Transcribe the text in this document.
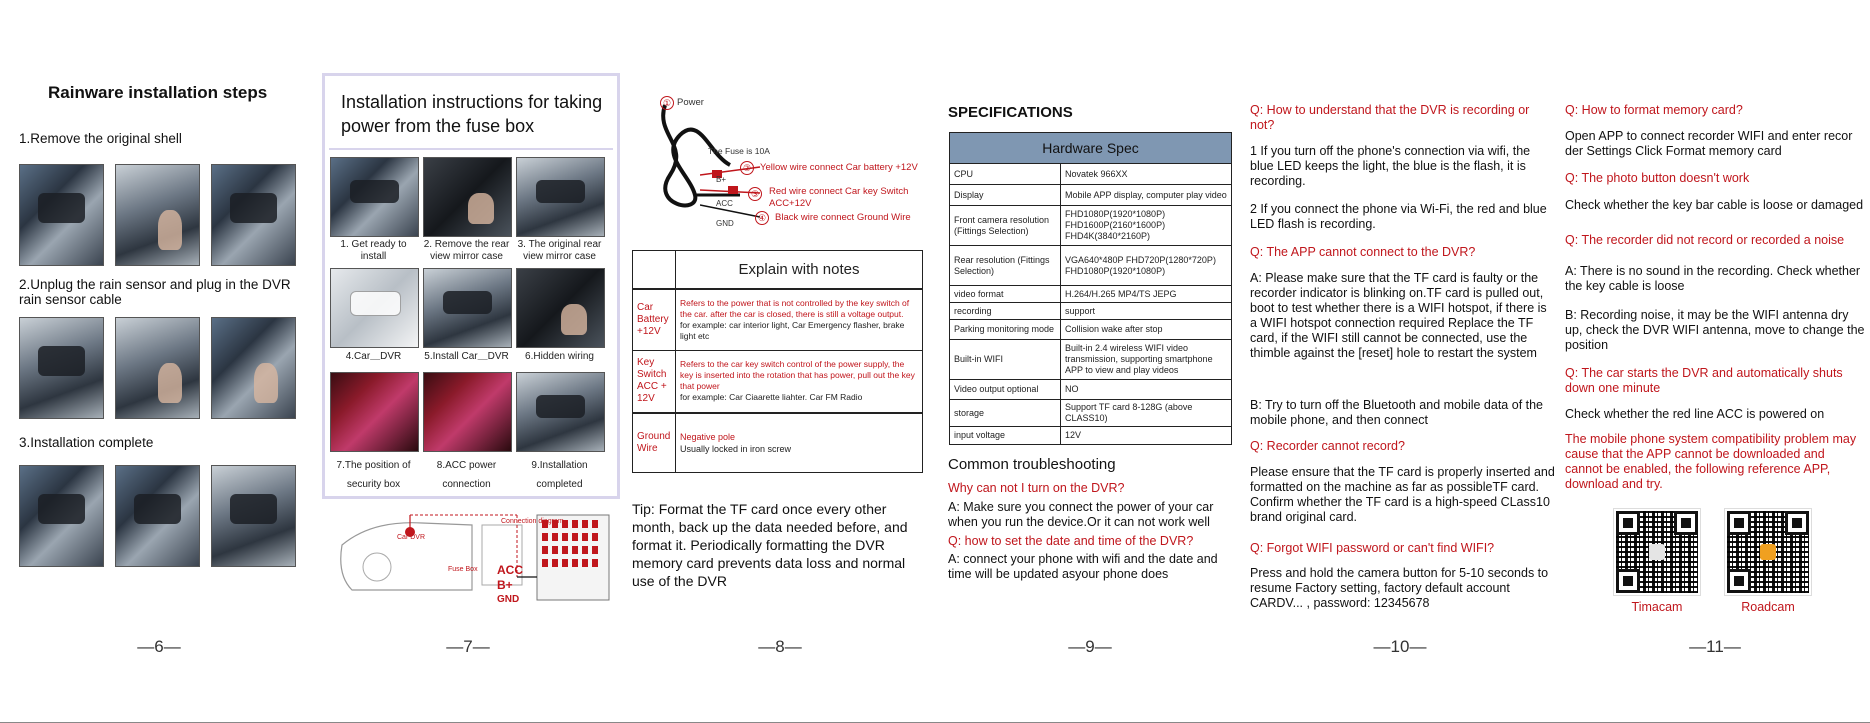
Rainware installation steps
1.Remove the original shell
2.Unplug the rain sensor and plug in the DVR rain sensor cable
3.Installation complete
—6—
Installation instructions for taking power from the fuse box
1. Get ready to install
2. Remove the rear view mirror case
3. The original rear view mirror case
4.Car＿DVR	5.Install Car＿DVR	6.Hidden wiring
7.The position of security box
8.ACC power connection
9.Installation completed
Car DVR
Connection diagram
Fuse Box ACC
B+
GND
—7—
① Power
The Fuse is 10A
B+
ACC
GND
② Yellow wire connect Car battery +12V
③	Red wire connect Car key Switch
ACC+12V
④ Black wire connect Ground Wire
	Explain with notes
Car Battery +12V	Refers to the power that is not controlled by the key switch of the car. after the car is closed, there is still a voltage output.
for example: car interior light, Car Emergency flasher, brake light etc

Key Switch ACC + 12V	Refers to the car key switch control of the power supply, the key is inserted into the rotation that has power, pull out the key that power
for example: Car Ciaarette liahter. Car FM Radio

Ground Wire	Negative pole
Usually locked in iron screw
Tip: Format the TF card once every other month, back up the data needed before, and format it. Periodically formatting the DVR memory card prevents data loss and normal use of the DVR
—8—
SPECIFICATIONS
Hardware Spec	
CPU	Novatek 966XX
Display	Mobile APP display, computer play video
Front camera resolution (Fittings Selection)	FHD1080P(1920*1080P) FHD1600P(2160*1600P) FHD4K(3840*2160P)
Rear resolution (Fittings Selection)	VGA640*480P FHD720P(1280*720P) FHD1080P(1920*1080P)
video format	H.264/H.265 MP4/TS JEPG
recording	support
Parking monitoring mode	Collision wake after stop
Built-in WIFI	Built-in 2.4 wireless WIFI video transmission, supporting smartphone APP to view and play videos
Video output optional	NO
storage	Support TF card 8-128G (above CLASS10)
input voltage	12V
Common troubleshooting
Why can not I turn on the DVR?
A: Make sure you connect the power of your car when you run the device.Or it can not work well
Q: how to set the date and time of the DVR?
A: connect your phone with wifi and the date and time will be updated asyour phone does
—9—
Q: How to understand that the DVR is recording or not?
1 If you turn off the phone's connection via wifi, the blue LED keeps the light, the blue is the flash, it is recording.
2 If you connect the phone via Wi-Fi, the red and blue LED flash is recording.
Q: The APP cannot connect to the DVR?
A: Please make sure that the TF card is faulty or the recorder indicator is blinking on.TF card is pulled out, boot to test whether there is a WIFI hotspot, if there is a WIFI hotspot connection required Replace the TF card, if the WIFI still cannot be connected, use the thimble against the [reset] hole to restart the system
B: Try to turn off the Bluetooth and mobile data of the mobile phone, and then connect
Q: Recorder cannot record?
Please ensure that the TF card is properly inserted and formatted on the machine as far as possibleTF card. Confirm whether the TF card is a high-speed CLass10 brand original card.
Q: Forgot WIFI password or can't find WIFI?
Press and hold the camera button for 5-10 seconds to resume Factory setting, factory default account CARDV... , password: 12345678
—10—
Q: How to format memory card?
Open APP to connect recorder WIFI and enter recor der Settings Click Format memory card
Q: The photo button doesn't work
Check whether the key bar cable is loose or damaged
Q: The recorder did not record or recorded a noise
A: There is no sound in the recording. Check whether the key cable is loose
B: Recording noise, it may be the WIFI antenna dry up, check the DVR WIFI antenna, move to change the position
Q: The car starts the DVR and automatically shuts down one minute
Check whether the red line ACC is powered on
The mobile phone system compatibility problem may cause that the APP cannot be downloaded and cannot be enabled, the following reference APP, download and try.
Timacam	Roadcam
—11—
